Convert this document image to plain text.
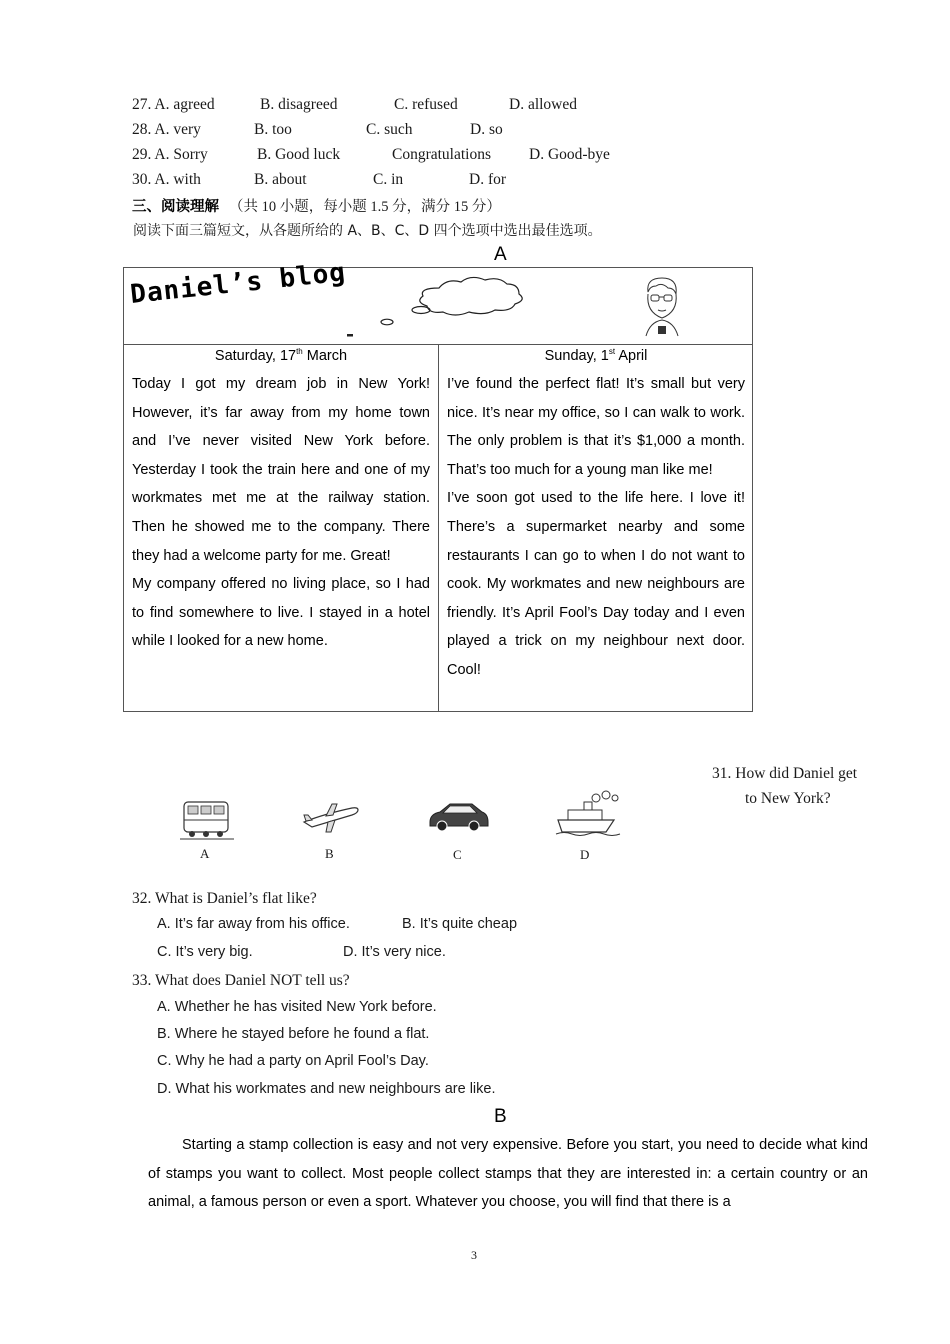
27. A. agreed	B. disagreed	C. refused	D. allowed
28. A. very	B. too	C. such	D. so
29. A. Sorry	B. Good luck	Congratulations D. Good-bye
30. A. with	B. about	C. in	D. for
三、阅读理解 （共 10 小题，每小题 1.5 分，满分 15 分）
阅读下面三篇短文，从各题所给的 A、B、C、D 四个选项中选出最佳选项。
A
Daniel’s blog
Saturday, 17th March
Today I got my dream job in New York! However, it’s far away from my home town and I’ve never visited New York before. Yesterday I took the train here and one of my workmates met me at the railway station. Then he showed me to the company. There they had a welcome party for me. Great!
My company offered no living place, so I had to find somewhere to live. I stayed in a hotel while I looked for a new home.
Sunday, 1st April
I’ve found the perfect flat! It’s small but very nice. It’s near my office, so I can walk to work. The only problem is that it’s $1,000 a month. That’s too much for a young man like me!
I’ve soon got used to the life here. I love it! There’s a supermarket nearby and some restaurants I can go to when I do not want to cook. My workmates and new neighbours are friendly. It’s April Fool’s Day today and I even played a trick on my neighbour next door. Cool!
31. How did Daniel get
to New York?
A	B	C	D
32. What is Daniel’s flat like?
A. It’s far away from his office.	B. It’s quite cheap
C. It’s very big.	D. It’s very nice.
33. What does Daniel NOT tell us?
A. Whether he has visited New York before.
B. Where he stayed before he found a flat.
C. Why he had a party on April Fool’s Day.
D. What his workmates and new neighbours are like.
B
Starting a stamp collection is easy and not very expensive. Before you start, you need to decide what kind of stamps you want to collect. Most people collect stamps that they are interested in: a certain country or an animal, a famous person or even a sport. Whatever you choose, you will find that there is a
3
